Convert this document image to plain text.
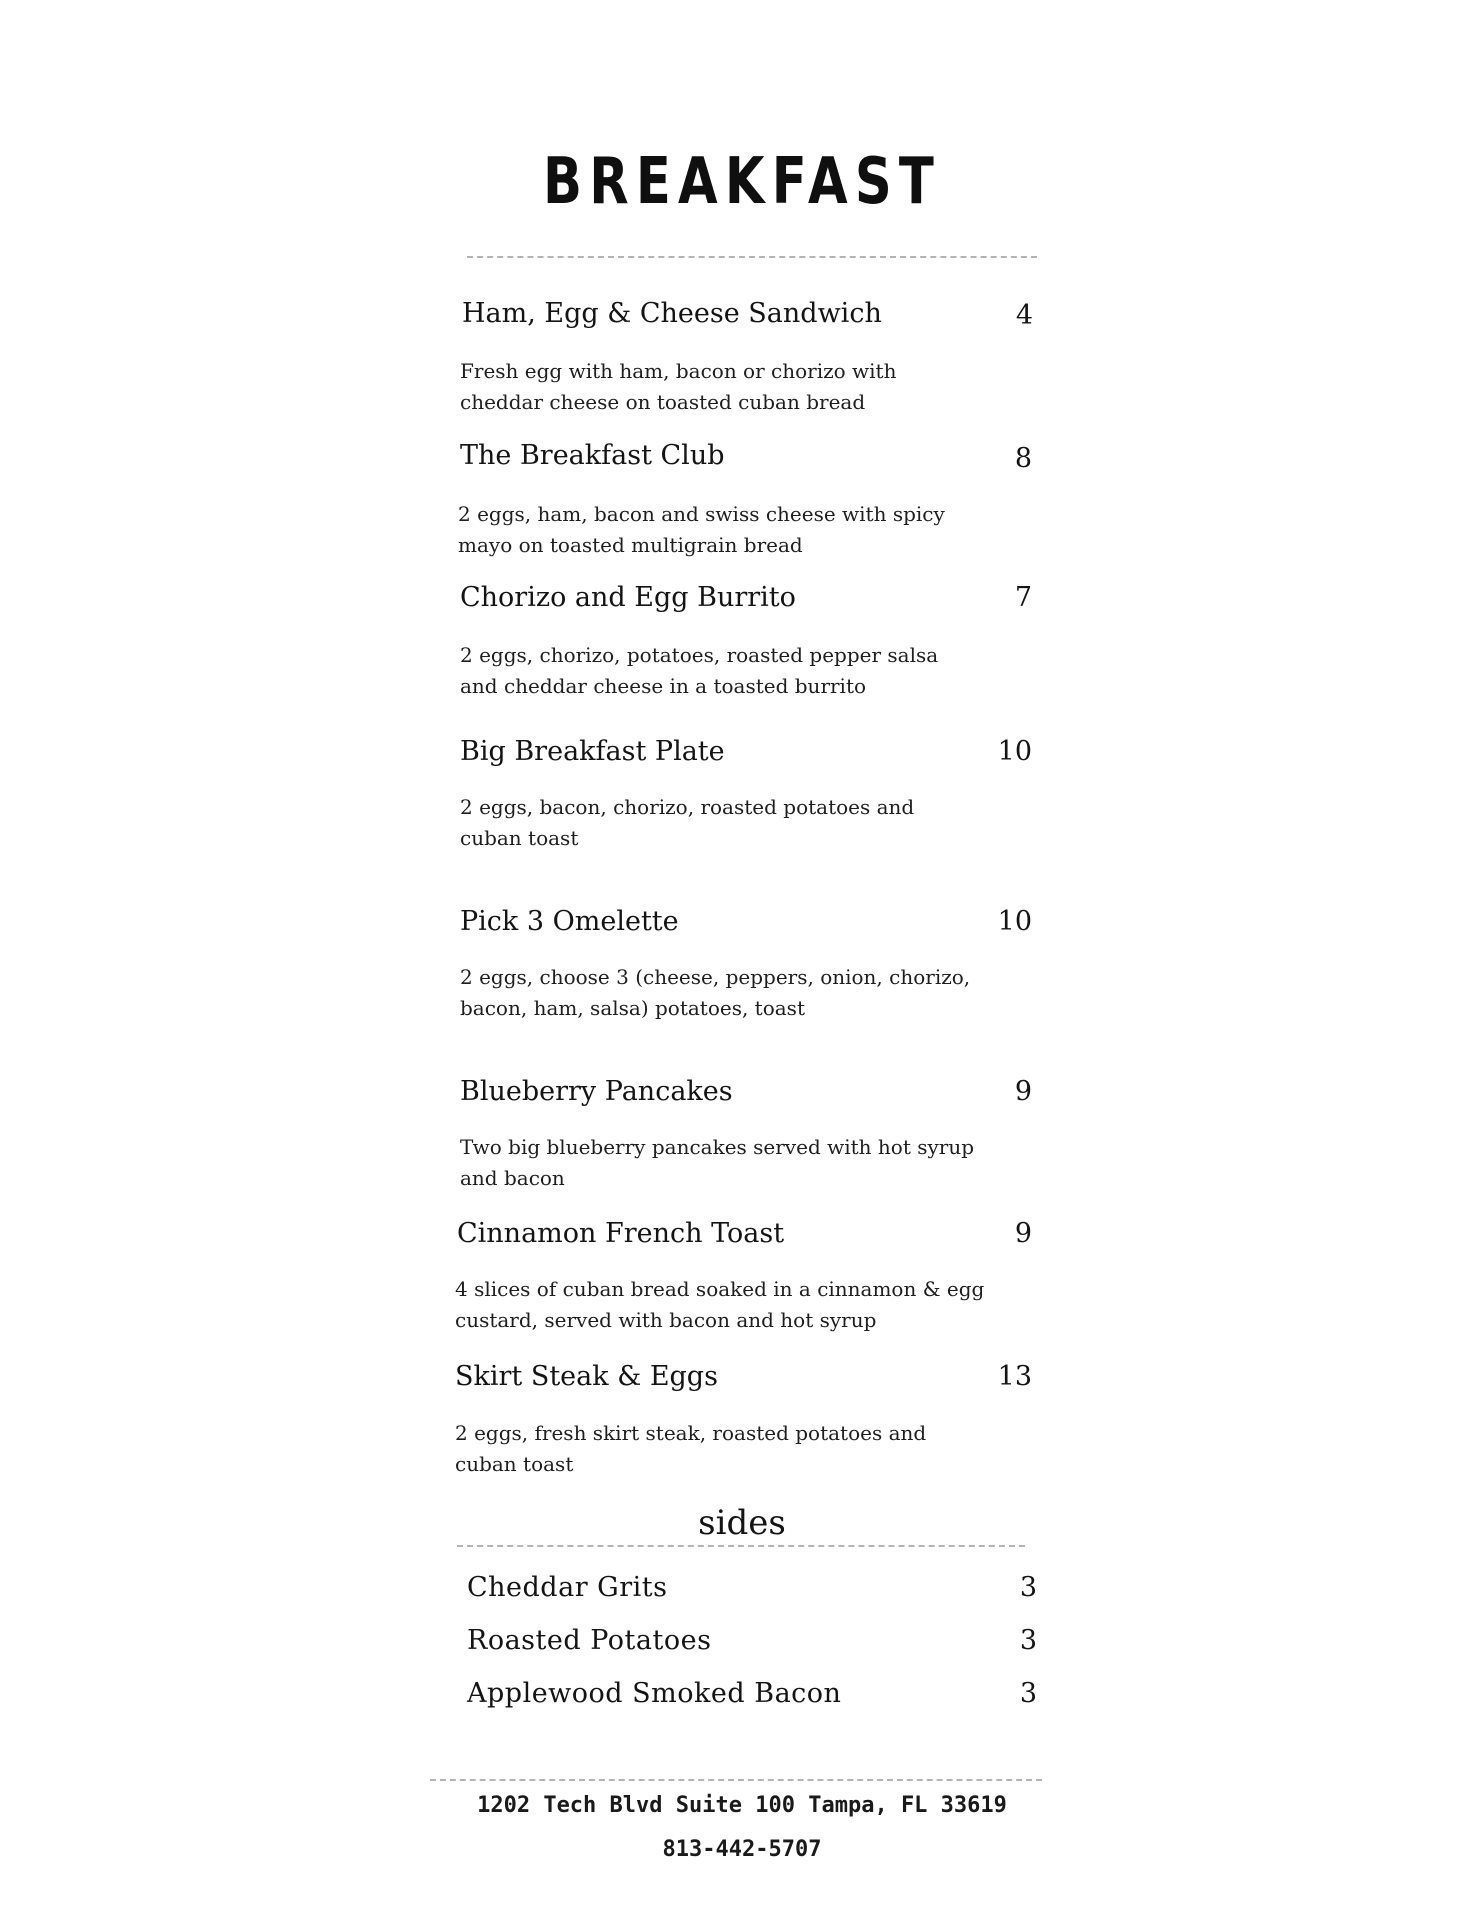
BREAKFAST
Ham, Egg & Cheese Sandwich	4
Fresh egg with ham, bacon or chorizo with cheddar cheese on toasted cuban bread
The Breakfast Club	8
2 eggs, ham, bacon and swiss cheese with spicy mayo on toasted multigrain bread
Chorizo and Egg Burrito	7
2 eggs, chorizo, potatoes, roasted pepper salsa and cheddar cheese in a toasted burrito
Big Breakfast Plate	10
2 eggs, bacon, chorizo, roasted potatoes and cuban toast
Pick 3 Omelette	10
2 eggs, choose 3 (cheese, peppers, onion, chorizo, bacon, ham, salsa) potatoes, toast
Blueberry Pancakes	9
Two big blueberry pancakes served with hot syrup and bacon
Cinnamon French Toast	9
4 slices of cuban bread soaked in a cinnamon & egg custard, served with bacon and hot syrup
Skirt Steak & Eggs	13
2 eggs, fresh skirt steak, roasted potatoes and cuban toast
sides
Cheddar Grits	3
Roasted Potatoes	3
Applewood Smoked Bacon	3
1202 Tech Blvd Suite 100 Tampa, FL 33619
813-442-5707
